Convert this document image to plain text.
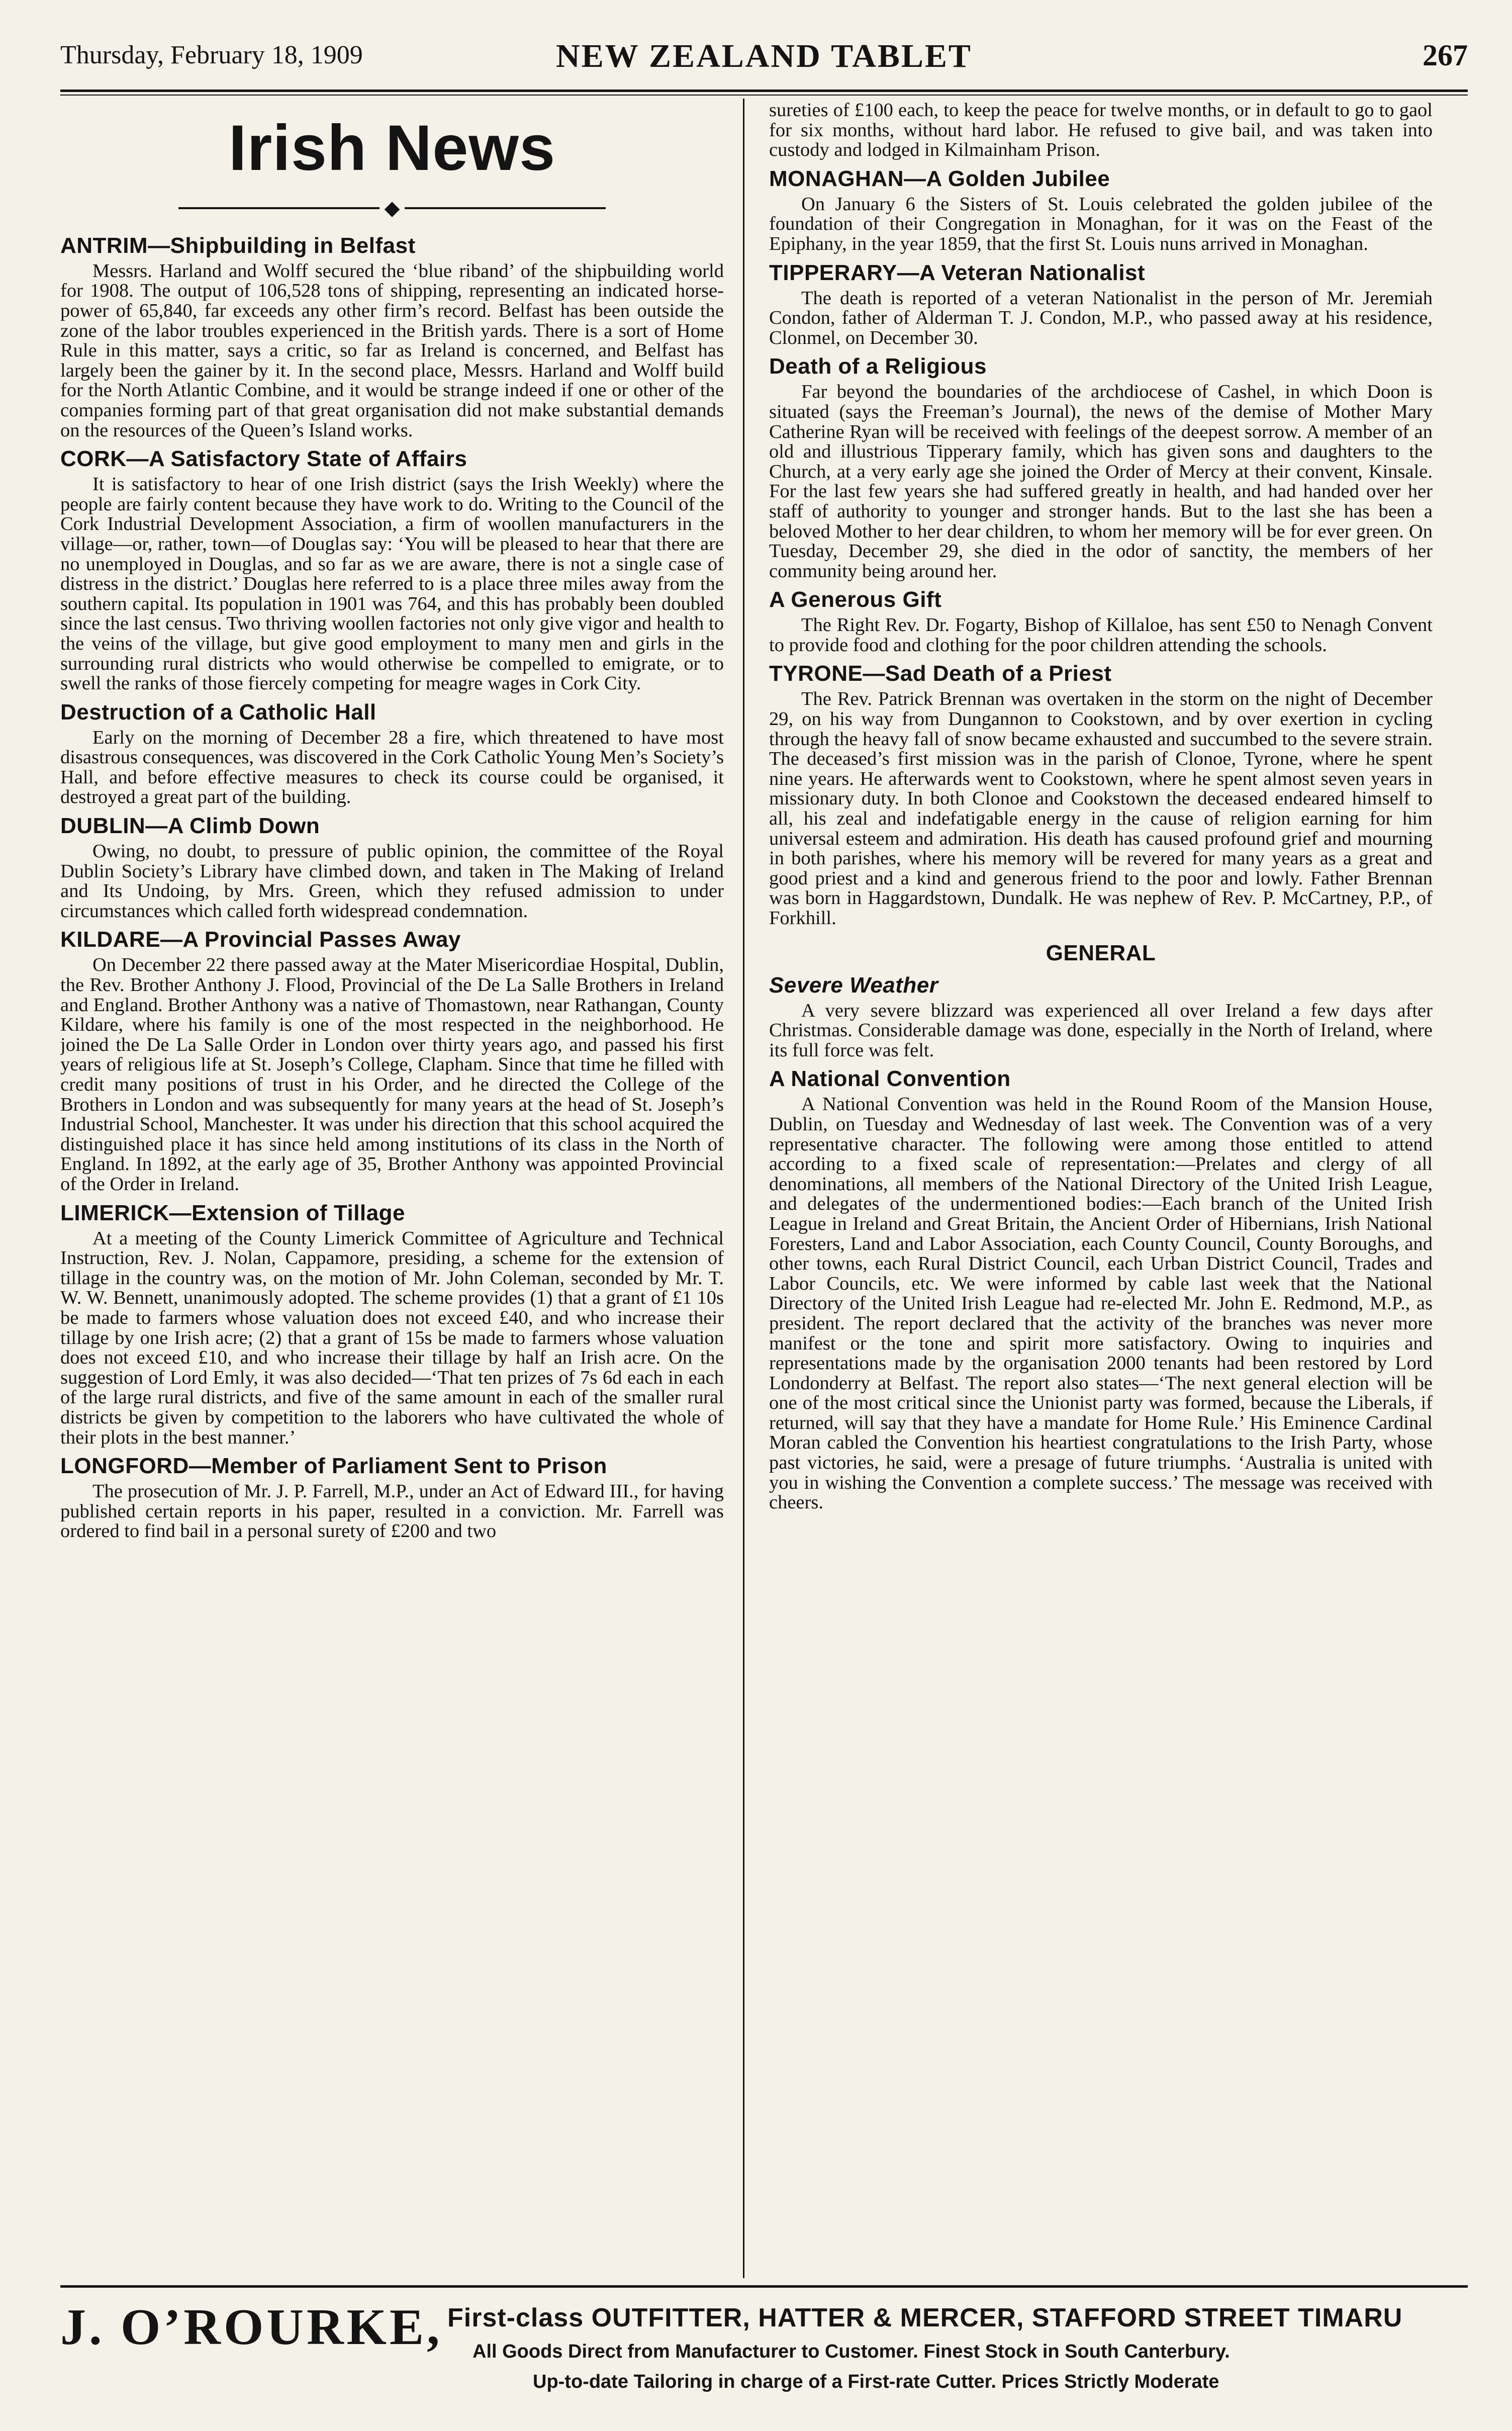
Thursday, February 18, 1909	NEW ZEALAND TABLET	267
Irish News
◆
ANTRIM—Shipbuilding in Belfast

Messrs. Harland and Wolff secured the ‘blue riband’ of the shipbuilding world for 1908. The output of 106,528 tons of shipping, representing an indicated horse-power of 65,840, far exceeds any other firm’s record. Belfast has been outside the zone of the labor troubles experienced in the British yards. There is a sort of Home Rule in this matter, says a critic, so far as Ireland is concerned, and Belfast has largely been the gainer by it. In the second place, Messrs. Harland and Wolff build for the North Atlantic Combine, and it would be strange indeed if one or other of the companies forming part of that great organisation did not make substantial demands on the resources of the Queen’s Island works.

CORK—A Satisfactory State of Affairs

It is satisfactory to hear of one Irish district (says the Irish Weekly) where the people are fairly content because they have work to do. Writing to the Council of the Cork Industrial Development Association, a firm of woollen manufacturers in the village—or, rather, town—of Douglas say: ‘You will be pleased to hear that there are no unemployed in Douglas, and so far as we are aware, there is not a single case of distress in the district.’ Douglas here referred to is a place three miles away from the southern capital. Its population in 1901 was 764, and this has probably been doubled since the last census. Two thriving woollen factories not only give vigor and health to the veins of the village, but give good employment to many men and girls in the surrounding rural districts who would otherwise be compelled to emigrate, or to swell the ranks of those fiercely competing for meagre wages in Cork City.

Destruction of a Catholic Hall

Early on the morning of December 28 a fire, which threatened to have most disastrous consequences, was discovered in the Cork Catholic Young Men’s Society’s Hall, and before effective measures to check its course could be organised, it destroyed a great part of the building.

DUBLIN—A Climb Down

Owing, no doubt, to pressure of public opinion, the committee of the Royal Dublin Society’s Library have climbed down, and taken in The Making of Ireland and Its Undoing, by Mrs. Green, which they refused admission to under circumstances which called forth widespread condemnation.

KILDARE—A Provincial Passes Away

On December 22 there passed away at the Mater Misericordiae Hospital, Dublin, the Rev. Brother Anthony J. Flood, Provincial of the De La Salle Brothers in Ireland and England. Brother Anthony was a native of Thomastown, near Rathangan, County Kildare, where his family is one of the most respected in the neighborhood. He joined the De La Salle Order in London over thirty years ago, and passed his first years of religious life at St. Joseph’s College, Clapham. Since that time he filled with credit many positions of trust in his Order, and he directed the College of the Brothers in London and was subsequently for many years at the head of St. Joseph’s Industrial School, Manchester. It was under his direction that this school acquired the distinguished place it has since held among institutions of its class in the North of England. In 1892, at the early age of 35, Brother Anthony was appointed Provincial of the Order in Ireland.

LIMERICK—Extension of Tillage

At a meeting of the County Limerick Committee of Agriculture and Technical Instruction, Rev. J. Nolan, Cappamore, presiding, a scheme for the extension of tillage in the country was, on the motion of Mr. John Coleman, seconded by Mr. T. W. W. Bennett, unanimously adopted. The scheme provides (1) that a grant of £1 10s be made to farmers whose valuation does not exceed £40, and who increase their tillage by one Irish acre; (2) that a grant of 15s be made to farmers whose valuation does not exceed £10, and who increase their tillage by half an Irish acre. On the suggestion of Lord Emly, it was also decided—‘That ten prizes of 7s 6d each in each of the large rural districts, and five of the same amount in each of the smaller rural districts be given by competition to the laborers who have cultivated the whole of their plots in the best manner.’

LONGFORD—Member of Parliament Sent to Prison

The prosecution of Mr. J. P. Farrell, M.P., under an Act of Edward III., for having published certain reports in his paper, resulted in a conviction. Mr. Farrell was ordered to find bail in a personal surety of £200 and two

sureties of £100 each, to keep the peace for twelve months, or in default to go to gaol for six months, without hard labor. He refused to give bail, and was taken into custody and lodged in Kilmainham Prison.

MONAGHAN—A Golden Jubilee

On January 6 the Sisters of St. Louis celebrated the golden jubilee of the foundation of their Congregation in Monaghan, for it was on the Feast of the Epiphany, in the year 1859, that the first St. Louis nuns arrived in Monaghan.

TIPPERARY—A Veteran Nationalist

The death is reported of a veteran Nationalist in the person of Mr. Jeremiah Condon, father of Alderman T. J. Condon, M.P., who passed away at his residence, Clonmel, on December 30.

Death of a Religious

Far beyond the boundaries of the archdiocese of Cashel, in which Doon is situated (says the Freeman’s Journal), the news of the demise of Mother Mary Catherine Ryan will be received with feelings of the deepest sorrow. A member of an old and illustrious Tipperary family, which has given sons and daughters to the Church, at a very early age she joined the Order of Mercy at their convent, Kinsale. For the last few years she had suffered greatly in health, and had handed over her staff of authority to younger and stronger hands. But to the last she has been a beloved Mother to her dear children, to whom her memory will be for ever green. On Tuesday, December 29, she died in the odor of sanctity, the members of her community being around her.

A Generous Gift

The Right Rev. Dr. Fogarty, Bishop of Killaloe, has sent £50 to Nenagh Convent to provide food and clothing for the poor children attending the schools.

TYRONE—Sad Death of a Priest

The Rev. Patrick Brennan was overtaken in the storm on the night of December 29, on his way from Dungannon to Cookstown, and by over exertion in cycling through the heavy fall of snow became exhausted and succumbed to the severe strain. The deceased’s first mission was in the parish of Clonoe, Tyrone, where he spent nine years. He afterwards went to Cookstown, where he spent almost seven years in missionary duty. In both Clonoe and Cookstown the deceased endeared himself to all, his zeal and indefatigable energy in the cause of religion earning for him universal esteem and admiration. His death has caused profound grief and mourning in both parishes, where his memory will be revered for many years as a great and good priest and a kind and generous friend to the poor and lowly. Father Brennan was born in Haggardstown, Dundalk. He was nephew of Rev. P. McCartney, P.P., of Forkhill.

GENERAL
Severe Weather

A very severe blizzard was experienced all over Ireland a few days after Christmas. Considerable damage was done, especially in the North of Ireland, where its full force was felt.

A National Convention

A National Convention was held in the Round Room of the Mansion House, Dublin, on Tuesday and Wednesday of last week. The Convention was of a very representative character. The following were among those entitled to attend according to a fixed scale of representation:—Prelates and clergy of all denominations, all members of the National Directory of the United Irish League, and delegates of the undermentioned bodies:—Each branch of the United Irish League in Ireland and Great Britain, the Ancient Order of Hibernians, Irish National Foresters, Land and Labor Association, each County Council, County Boroughs, and other towns, each Rural District Council, each Urban District Council, Trades and Labor Councils, etc. We were informed by cable last week that the National Directory of the United Irish League had re-elected Mr. John E. Redmond, M.P., as president. The report declared that the activity of the branches was never more manifest or the tone and spirit more satisfactory. Owing to inquiries and representations made by the organisation 2000 tenants had been restored by Lord Londonderry at Belfast. The report also states—‘The next general election will be one of the most critical since the Unionist party was formed, because the Liberals, if returned, will say that they have a mandate for Home Rule.’ His Eminence Cardinal Moran cabled the Convention his heartiest congratulations to the Irish Party, whose past victories, he said, were a presage of future triumphs. ‘Australia is united with you in wishing the Convention a complete success.’ The message was received with cheers.

J. O’ROURKE, First-class OUTFITTER, HATTER & MERCER, STAFFORD STREET TIMARU
All Goods Direct from Manufacturer to Customer. Finest Stock in South Canterbury.
Up-to-date Tailoring in charge of a First-rate Cutter. Prices Strictly Moderate
